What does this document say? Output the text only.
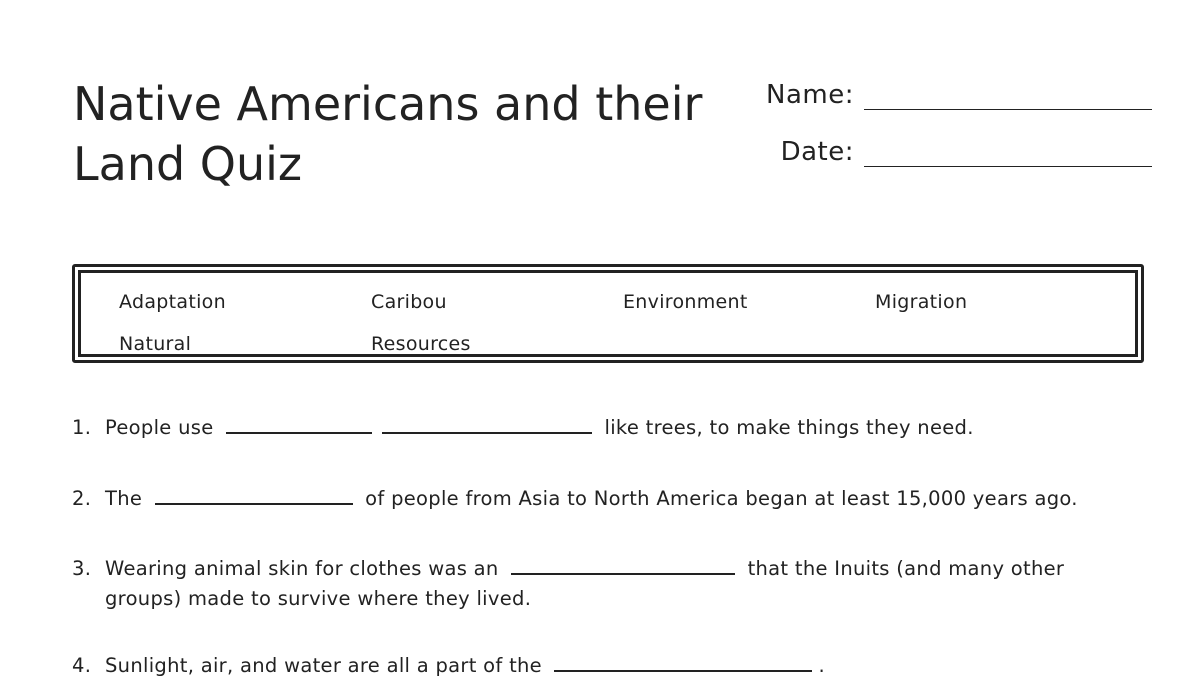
Native Americans and their Land Quiz
Name:
Date:
Adaptation	Caribou	Environment	Migration
Natural	Resources
1. People use	like trees, to make things they need.
2. The	of people from Asia to North America began at least 15,000 years ago.
3. Wearing animal skin for clothes was an	that the Inuits (and many other
groups) made to survive where they lived.
4. Sunlight, air, and water are all a part of the	.
